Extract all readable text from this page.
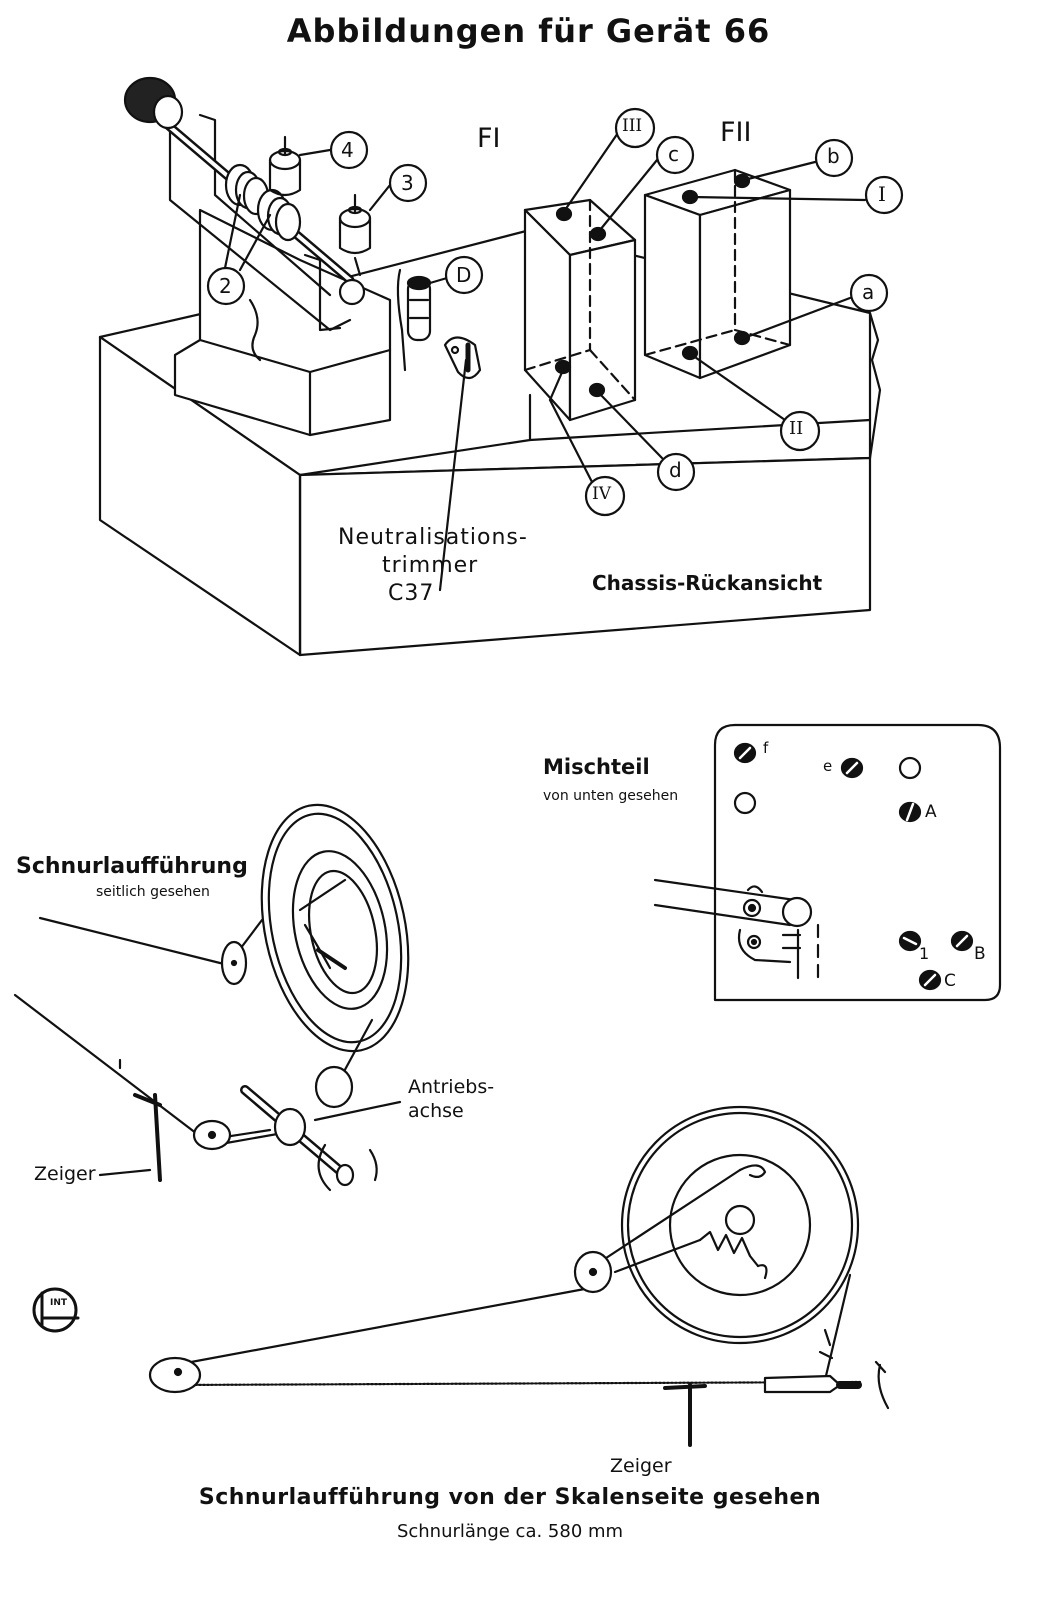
Abbildungen für Gerät 66
FI	FII
4
3
2	D
III
c	b
I
a
II
d
IV
Neutralisations-
trimmer
C37	Chassis-Rückansicht
Mischteil
von unten gesehen
f
e
A
1	B
C
Schnurlaufführung
seitlich gesehen
Antriebs-
achse
Zeiger
Zeiger
Schnurlaufführung von der Skalenseite gesehen
Schnurlänge ca. 580 mm
INT
